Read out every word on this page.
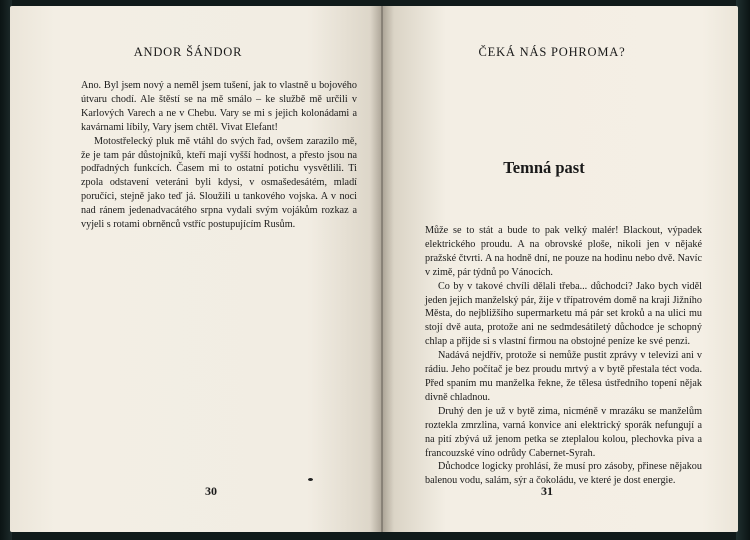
ANDOR ŠÁNDOR

Ano. Byl jsem nový a neměl jsem tušení, jak to vlastně u bojového útvaru chodí. Ale štěstí se na mě smálo – ke službě mě určili v Karlových Varech a ne v Chebu. Vary se mi s jejich kolonádami a kavárnami líbily, Vary jsem chtěl. Vivat Elefant!

Motostřelecký pluk mě vtáhl do svých řad, ovšem zarazilo mě, že je tam pár důstojníků, kteří mají vyšší hodnost, a přesto jsou na podřadných funkcích. Časem mi to ostatní potichu vysvětlili. Ti zpola odstavení veteráni byli kdysi, v osmašedesátém, mladí poručíci, stejně jako teď já. Sloužili u tankového vojska. A v noci nad ránem jedenadvacátého srpna vydali svým vojákům rozkaz a vyjeli s rotami obrněnců vstříc postupujícím Rusům.

30
ČEKÁ NÁS POHROMA?
Temná past

Může se to stát a bude to pak velký malér! Blackout, výpadek elektrického proudu. A na obrovské ploše, nikoli jen v nějaké pražské čtvrti. A na hodně dní, ne pouze na hodinu nebo dvě. Navíc v zimě, pár týdnů po Vánocích.

Co by v takové chvíli dělali třeba... důchodci? Jako bych viděl jeden jejich manželský pár, žije v třípatrovém domě na kraji Jižního Města, do nejbližšího supermarketu má pár set kroků a na ulici mu stojí dvě auta, protože ani ne sedmdesátiletý důchodce je schopný chlap a přijde si s vlastní firmou na obstojné peníze ke své penzi.

Nadává nejdřív, protože si nemůže pustit zprávy v televizi ani v rádiu. Jeho počítač je bez proudu mrtvý a v bytě přestala téct voda. Před spaním mu manželka řekne, že tělesa ústředního topení nějak divně chladnou.

Druhý den je už v bytě zima, nicméně v mrazáku se manželům roztekla zmrzlina, varná konvice ani elektrický sporák nefungují a na pití zbývá už jenom petka se zteplalou kolou, plechovka piva a francouzské víno odrůdy Cabernet-Syrah.

Důchodce logicky prohlásí, že musí pro zásoby, přinese nějakou balenou vodu, salám, sýr a čokoládu, ve které je dost energie.

31
